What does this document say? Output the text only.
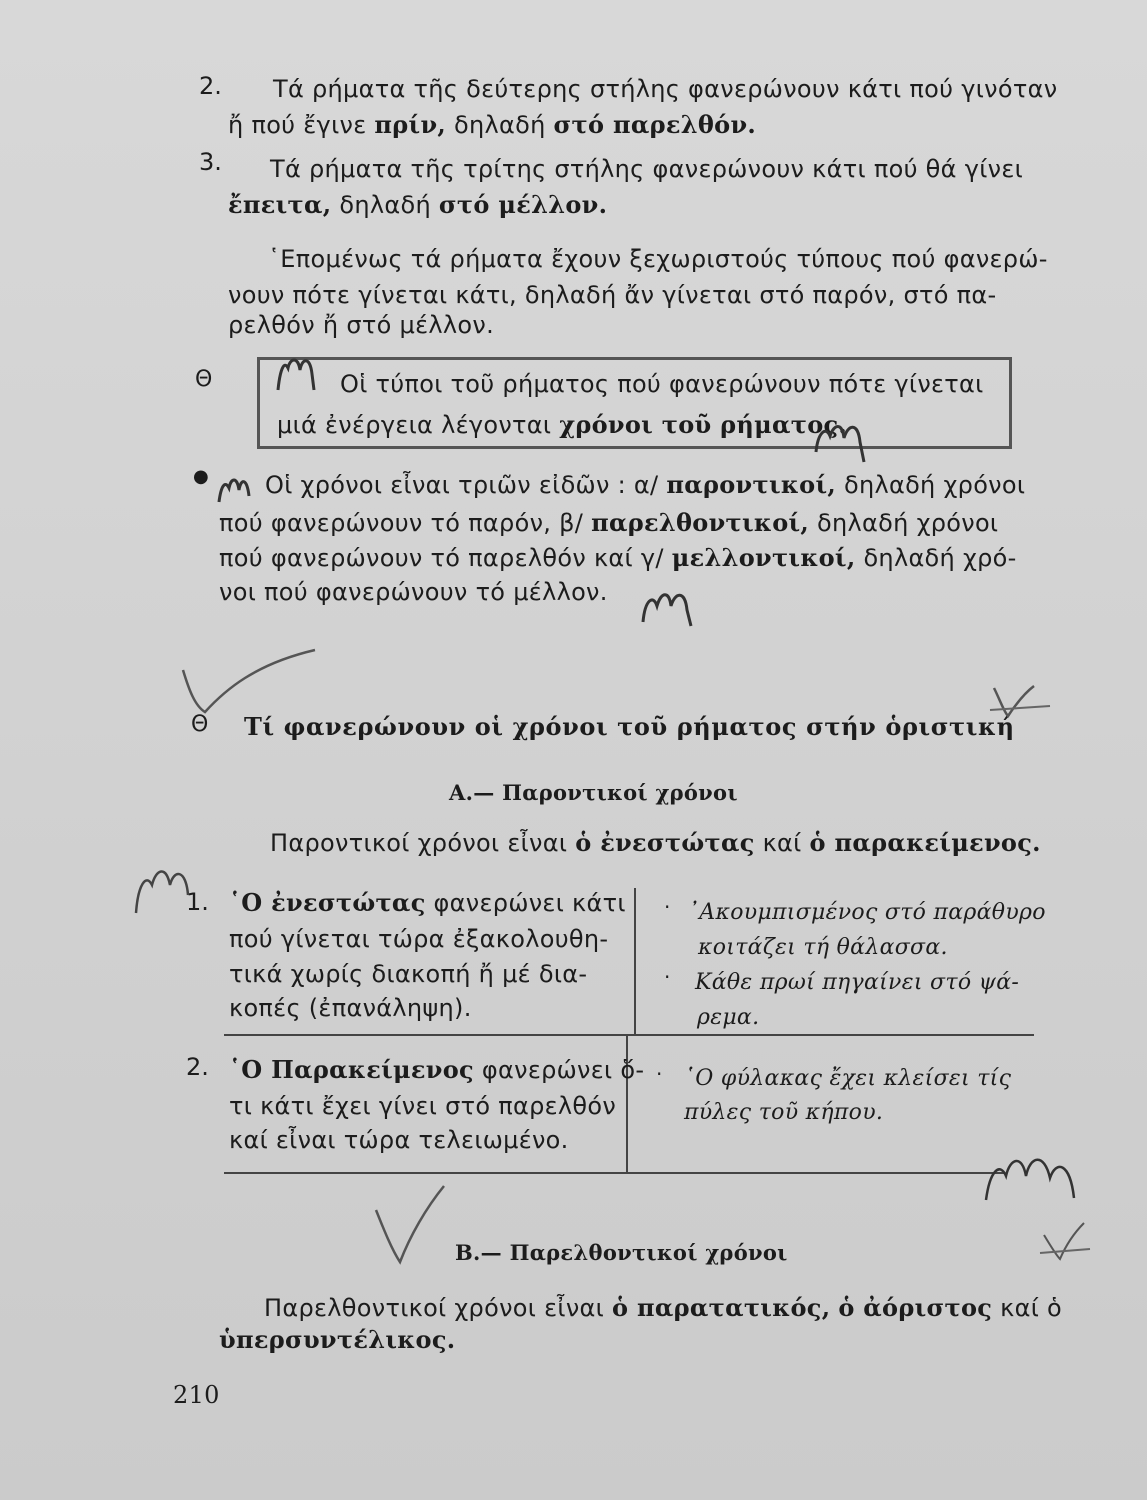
2. Τά ρήματα τῆς δεύτερης στήλης φανερώνουν κάτι πού γινόταν
ἤ πού ἔγινε πρίν, δηλαδή στό παρελθόν.
3. Τά ρήματα τῆς τρίτης στήλης φανερώνουν κάτι πού θά γίνει
ἔπειτα, δηλαδή στό μέλλον.
῾Επομένως τά ρήματα ἔχουν ξεχωριστούς τύπους πού φανερώ-
νουν πότε γίνεται κάτι, δηλαδή ἄν γίνεται στό παρόν, στό πα-
ρελθόν ἤ στό μέλλον.
Θ	Οἱ τύποι τοῦ ρήματος πού φανερώνουν πότε γίνεται
μιά ἐνέργεια λέγονται χρόνοι τοῦ ρήματος.
● Οἱ χρόνοι εἶναι τριῶν εἰδῶν : α/ παροντικοί, δηλαδή χρόνοι
πού φανερώνουν τό παρόν, β/ παρελθοντικοί, δηλαδή χρόνοι
πού φανερώνουν τό παρελθόν καί γ/ μελλοντικοί, δηλαδή χρό-
νοι πού φανερώνουν τό μέλλον.
Θ Τί φανερώνουν οἱ χρόνοι τοῦ ρήματος στήν ὁριστική
Α.— Παροντικοί χρόνοι
Παροντικοί χρόνοι εἶναι ὁ ἐνεστώτας καί ὁ παρακείμενος.
1. ῾Ο ἐνεστώτας φανερώνει κάτι
πού γίνεται τώρα ἐξακολουθη-
τικά χωρίς διακοπή ἤ μέ δια-
κοπές (ἐπανάληψη).
· ᾿Ακουμπισμένος στό παράθυρο
κοιτάζει τή θάλασσα.
· Κάθε πρωί πηγαίνει στό ψά-
ρεμα.
2. ῾Ο Παρακείμενος φανερώνει ὅ-
τι κάτι ἔχει γίνει στό παρελθόν
καί εἶναι τώρα τελειωμένο.
· ῾Ο φύλακας ἔχει κλείσει τίς
πύλες τοῦ κήπου.
Β.— Παρελθοντικοί χρόνοι
Παρελθοντικοί χρόνοι εἶναι ὁ παρατατικός, ὁ ἀόριστος καί ὁ
ὑπερσυντέλικος.
210
